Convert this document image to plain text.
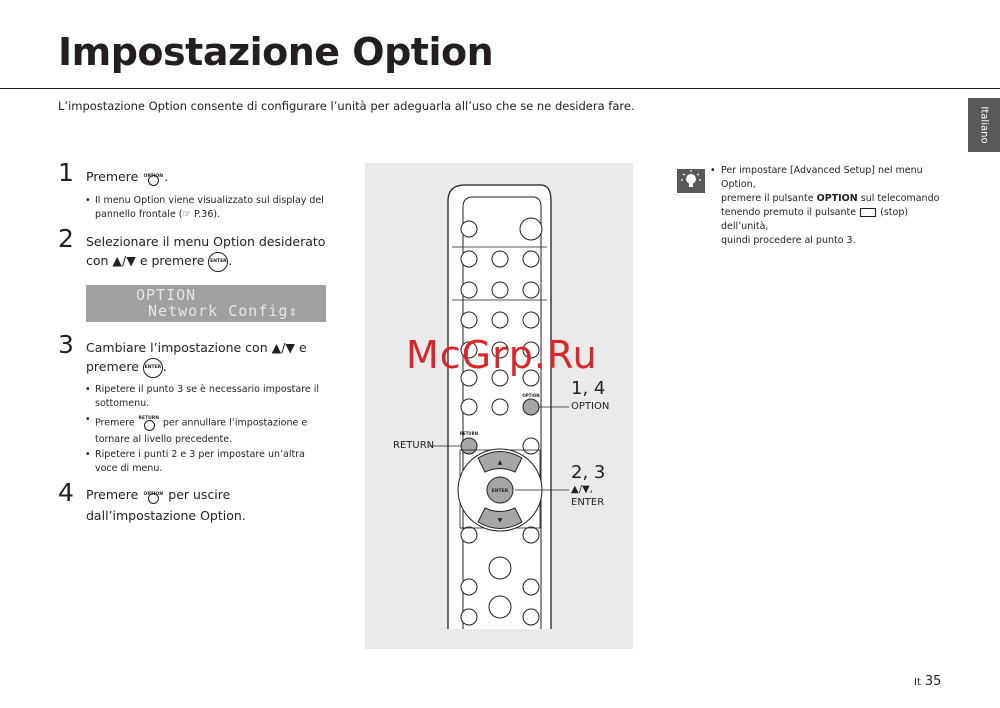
Impostazione Option
L’impostazione Option consente di configurare l’unità per adeguarla all’uso che se ne desidera fare.
Italiano
1 Premere OPTION .
• Il menu Option viene visualizzato sul display del pannello frontale (☞ P.36).
2 Selezionare il menu Option desiderato
con ▲/▼ e premere ENTER .
OPTION
Network Config⇕
3 Cambiare l’impostazione con ▲/▼ e
premere ENTER .
• Ripetere il punto 3 se è necessario impostare il sottomenu.
• Premere RETURN per annullare l’impostazione e tornare al livello precedente.
• Ripetere i punti 2 e 3 per impostare un’altra voce di menu.
4 Premere OPTION per uscire
dall’impostazione Option.
OPTION
RETURN
▲
▼
ENTER
1, 4
OPTION
RETURN
2, 3
▲/▼,
ENTER
McGrp.Ru
• Per impostare [Advanced Setup] nel menu Option,
premere il pulsante OPTION sul telecomando
tenendo premuto il pulsante	(stop) dell’unità,
quindi procedere al punto 3.
It 35
